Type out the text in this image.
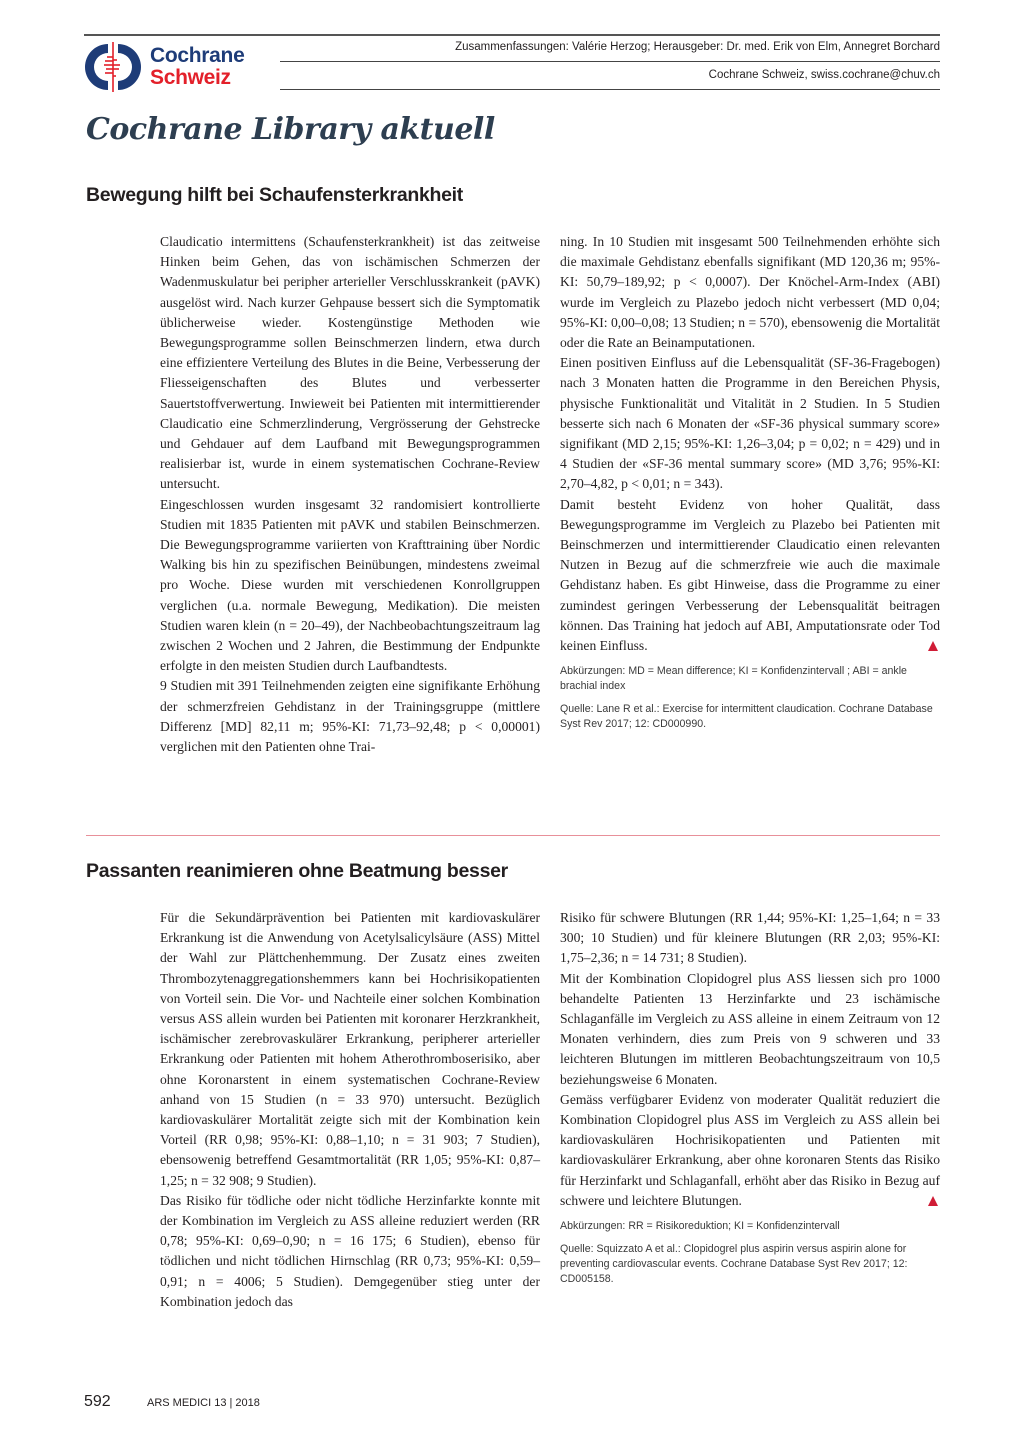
Cochrane
Schweiz
Zusammenfassungen: Valérie Herzog; Herausgeber: Dr. med. Erik von Elm, Annegret Borchard
Cochrane Schweiz, swiss.cochrane@chuv.ch
Cochrane Library aktuell
Bewegung hilft bei Schaufensterkrankheit

Claudicatio intermittens (Schaufensterkrankheit) ist das zeitweise Hinken beim Gehen, das von ischämischen Schmerzen der Wadenmuskulatur bei peripher arterieller Verschlusskrankeit (pAVK) ausgelöst wird. Nach kurzer Gehpause bessert sich die Symptomatik üblicherweise wieder. Kostengünstige Methoden wie Bewegungsprogramme sollen Beinschmerzen lindern, etwa durch eine effizientere Verteilung des Blutes in die Beine, Verbesserung der Fliesseigenschaften des Blutes und verbesserter Sauertstoffverwertung. Inwieweit bei Patienten mit intermittierender Claudicatio eine Schmerzlinderung, Vergrösserung der Gehstrecke und Gehdauer auf dem Laufband mit Bewegungsprogrammen realisierbar ist, wurde in einem systematischen Cochrane-Review untersucht.

Eingeschlossen wurden insgesamt 32 randomisiert kontrollierte Studien mit 1835 Patienten mit pAVK und stabilen Beinschmerzen. Die Bewegungsprogramme variierten von Krafttraining über Nordic Walking bis hin zu spezifischen Beinübungen, mindestens zweimal pro Woche. Diese wurden mit verschiedenen Konrollgruppen verglichen (u.a. normale Bewegung, Medikation). Die meisten Studien waren klein (n = 20–49), der Nachbeobachtungszeitraum lag zwischen 2 Wochen und 2 Jahren, die Bestimmung der Endpunkte erfolgte in den meisten Studien durch Laufbandtests.

9 Studien mit 391 Teilnehmenden zeigten eine signifikante Erhöhung der schmerzfreien Gehdistanz in der Trainingsgruppe (mittlere Differenz [MD] 82,11 m; 95%-KI: 71,73–92,48; p < 0,00001) verglichen mit den Patienten ohne Trai-

ning. In 10 Studien mit insgesamt 500 Teilnehmenden erhöhte sich die maximale Gehdistanz ebenfalls signifikant (MD 120,36 m; 95%-KI: 50,79–189,92; p < 0,0007). Der Knöchel-Arm-Index (ABI) wurde im Vergleich zu Plazebo jedoch nicht verbessert (MD 0,04; 95%-KI: 0,00–0,08; 13 Studien; n = 570), ebensowenig die Mortalität oder die Rate an Beinamputationen.

Einen positiven Einfluss auf die Lebensqualität (SF-36-Fragebogen) nach 3 Monaten hatten die Programme in den Bereichen Physis, physische Funktionalität und Vitalität in 2 Studien. In 5 Studien besserte sich nach 6 Monaten der «SF-36 physical summary score» signifikant (MD 2,15; 95%-KI: 1,26–3,04; p = 0,02; n = 429) und in 4 Studien der «SF-36 mental summary score» (MD 3,76; 95%-KI: 2,70–4,82, p < 0,01; n = 343).

Damit besteht Evidenz von hoher Qualität, dass Bewegungsprogramme im Vergleich zu Plazebo bei Patienten mit Beinschmerzen und intermittierender Claudicatio einen relevanten Nutzen in Bezug auf die schmerzfreie wie auch die maximale Gehdistanz haben. Es gibt Hinweise, dass die Programme zu einer zumindest geringen Verbesserung der Lebensqualität beitragen können. Das Training hat jedoch auf ABI, Amputationsrate oder Tod keinen Einfluss.

Abkürzungen: MD = Mean difference; KI = Konfidenzintervall ; ABI = ankle brachial index
Quelle: Lane R et al.: Exercise for intermittent claudication. Cochrane Database Syst Rev 2017; 12: CD000990.
Passanten reanimieren ohne Beatmung besser

Für die Sekundärprävention bei Patienten mit kardiovaskulärer Erkrankung ist die Anwendung von Acetylsalicylsäure (ASS) Mittel der Wahl zur Plättchenhemmung. Der Zusatz eines zweiten Thrombozytenaggregationshemmers kann bei Hochrisikopatienten von Vorteil sein. Die Vor- und Nachteile einer solchen Kombination versus ASS allein wurden bei Patienten mit koronarer Herzkrankheit, ischämischer zerebrovaskulärer Erkrankung, peripherer arterieller Erkrankung oder Patienten mit hohem Atherothromboserisiko, aber ohne Koronarstent in einem systematischen Cochrane-Review anhand von 15 Studien (n = 33 970) untersucht. Bezüglich kardiovaskulärer Mortalität zeigte sich mit der Kombination kein Vorteil (RR 0,98; 95%-KI: 0,88–1,10; n = 31 903; 7 Studien), ebensowenig betreffend Gesamtmortalität (RR 1,05; 95%-KI: 0,87–1,25; n = 32 908; 9 Studien).

Das Risiko für tödliche oder nicht tödliche Herzinfarkte konnte mit der Kombination im Vergleich zu ASS alleine reduziert werden (RR 0,78; 95%-KI: 0,69–0,90; n = 16 175; 6 Studien), ebenso für tödlichen und nicht tödlichen Hirnschlag (RR 0,73; 95%-KI: 0,59–0,91; n = 4006; 5 Studien). Demgegenüber stieg unter der Kombination jedoch das

Risiko für schwere Blutungen (RR 1,44; 95%-KI: 1,25–1,64; n = 33 300; 10 Studien) und für kleinere Blutungen (RR 2,03; 95%-KI: 1,75–2,36; n = 14 731; 8 Studien).

Mit der Kombination Clopidogrel plus ASS liessen sich pro 1000 behandelte Patienten 13 Herzinfarkte und 23 ischämische Schlaganfälle im Vergleich zu ASS alleine in einem Zeitraum von 12 Monaten verhindern, dies zum Preis von 9 schweren und 33 leichteren Blutungen im mittleren Beobachtungszeitraum von 10,5 beziehungsweise 6 Monaten.

Gemäss verfügbarer Evidenz von moderater Qualität reduziert die Kombination Clopidogrel plus ASS im Vergleich zu ASS allein bei kardiovaskulären Hochrisikopatienten und Patienten mit kardiovaskulärer Erkrankung, aber ohne koronaren Stents das Risiko für Herzinfarkt und Schlaganfall, erhöht aber das Risiko in Bezug auf schwere und leichtere Blutungen.

Abkürzungen: RR = Risikoreduktion; KI = Konfidenzintervall
Quelle: Squizzato A et al.: Clopidogrel plus aspirin versus aspirin alone for preventing cardiovascular events. Cochrane Database Syst Rev 2017; 12: CD005158.
592	ARS MEDICI 13 | 2018
